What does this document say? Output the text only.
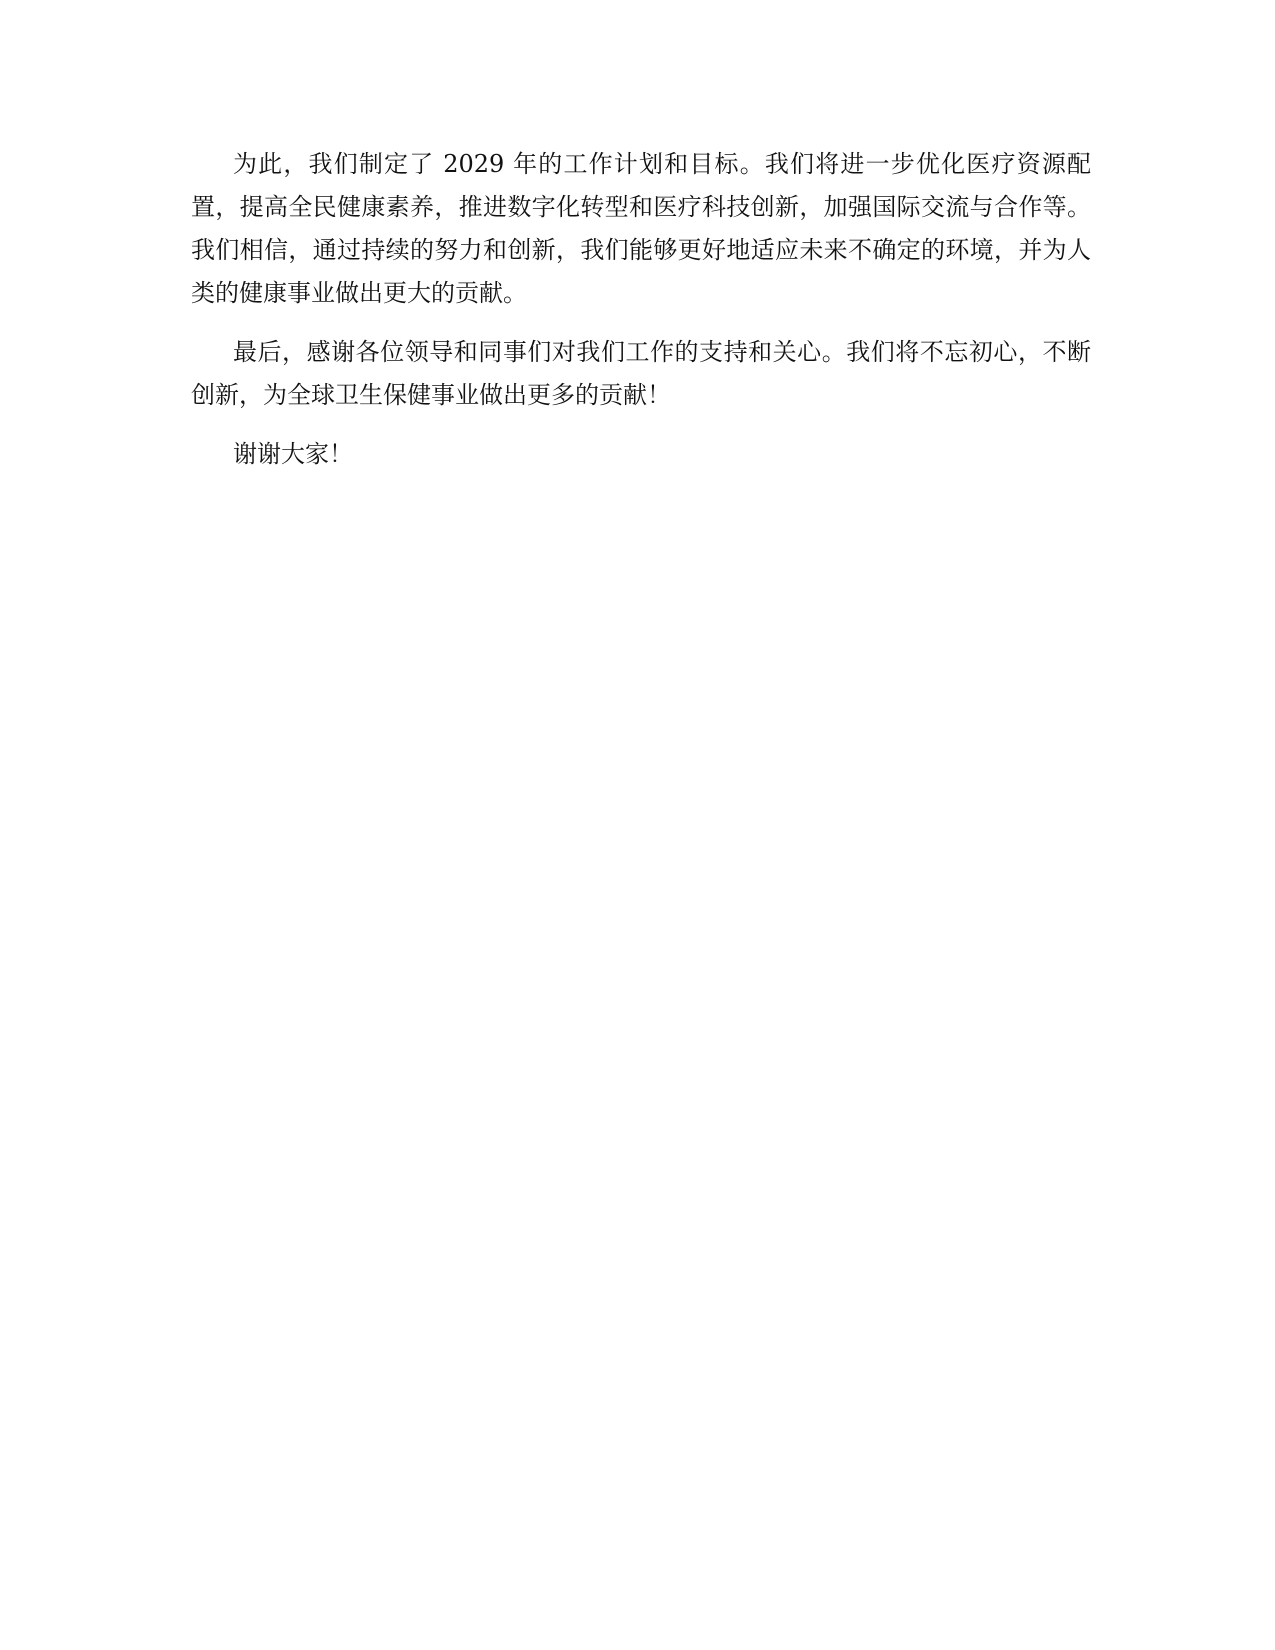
为此，我们制定了 2029 年的工作计划和目标。我们将进一步优化医疗资源配置，提高全民健康素养，推进数字化转型和医疗科技创新，加强国际交流与合作等。我们相信，通过持续的努力和创新，我们能够更好地适应未来不确定的环境，并为人类的健康事业做出更大的贡献。

最后，感谢各位领导和同事们对我们工作的支持和关心。我们将不忘初心，不断创新，为全球卫生保健事业做出更多的贡献！

谢谢大家！
